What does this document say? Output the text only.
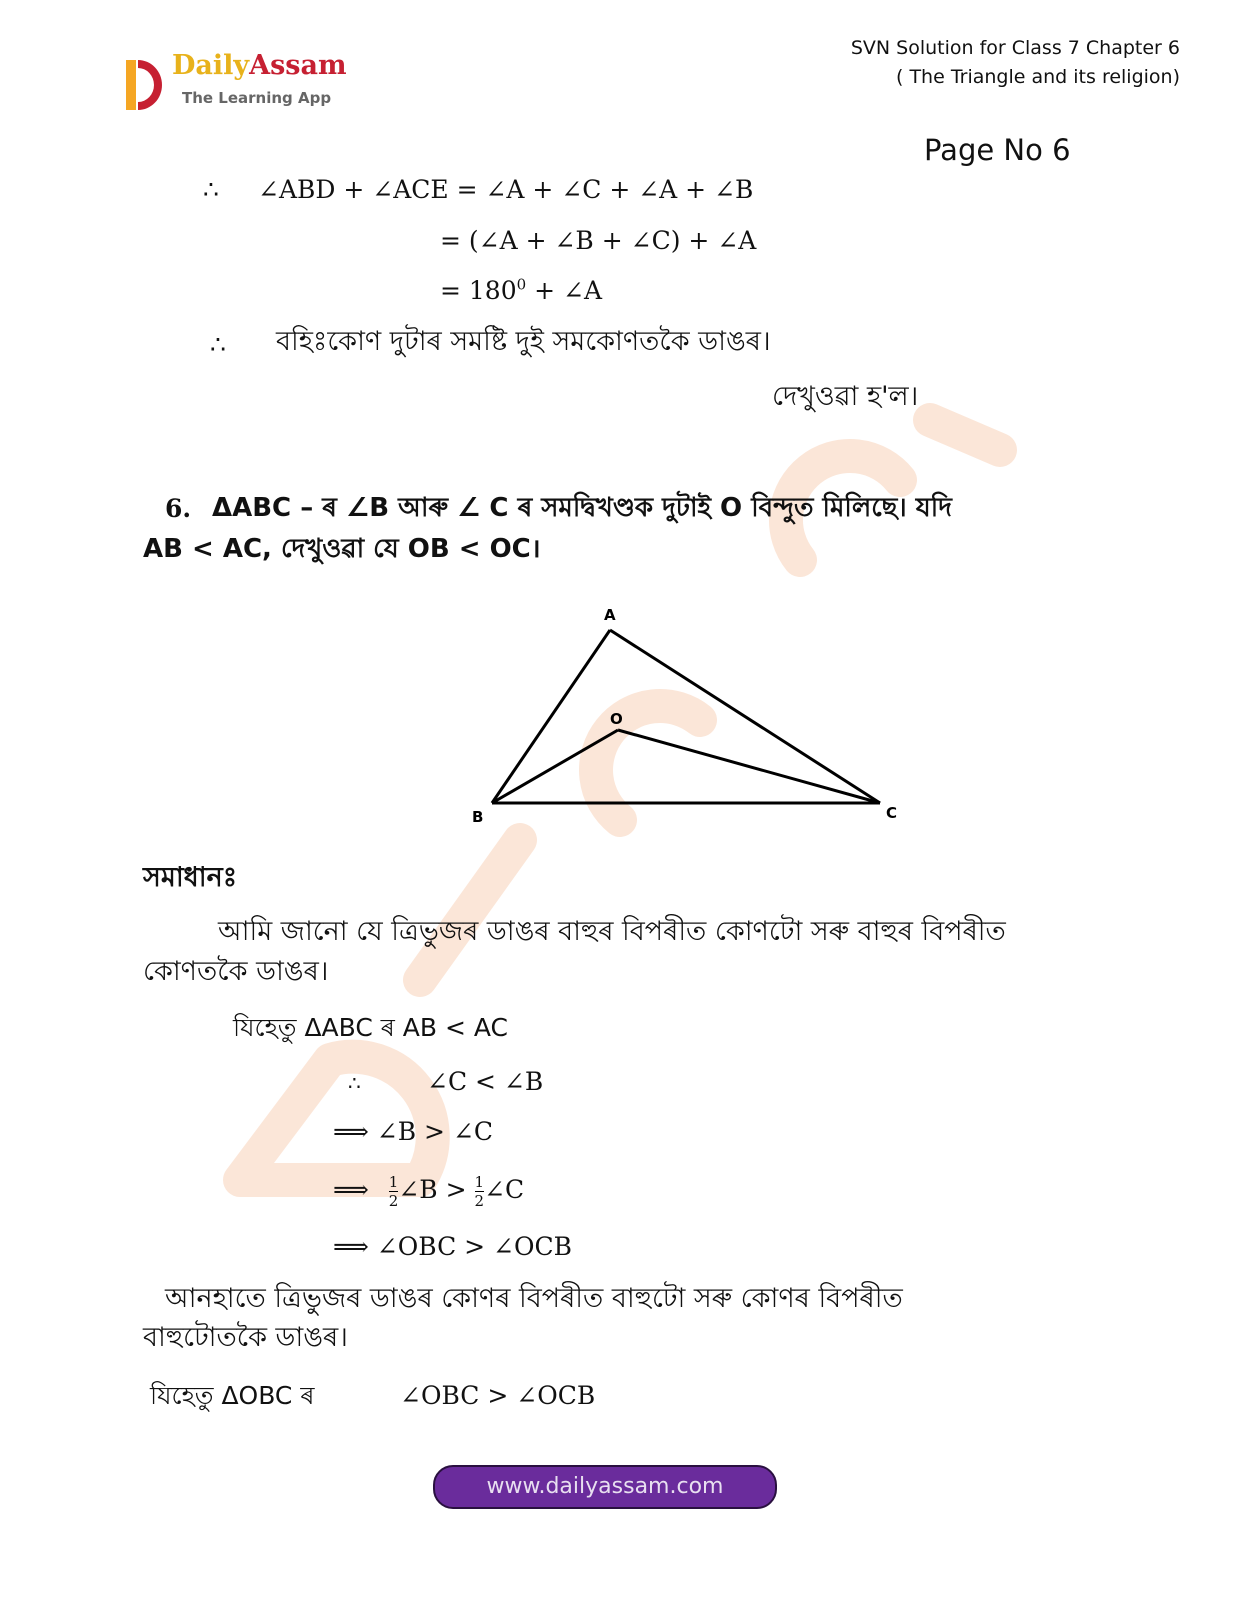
DailyAssam
The Learning App
SVN Solution for Class 7 Chapter 6
( The Triangle and its religion)
Page No 6
∴ ∠ABD + ∠ACE = ∠A + ∠C + ∠A + ∠B
= (∠A + ∠B + ∠C) + ∠A
= $180^0$ + ∠A
∴ বহিঃকোণ দুটাৰ সমষ্টি দুই সমকোণতকৈ ডাঙৰ।
দেখুওৱা হ'ল।
6. ΔABC – ৰ ∠B আৰু ∠ C ৰ সমদ্বিখণ্ডক দুটাই O বিন্দুত মিলিছে। যদি
AB < AC, দেখুওৱা যে OB < OC।
A
O
B	C
সমাধানঃ
আমি জানো যে ত্ৰিভুজৰ ডাঙৰ বাহুৰ বিপৰীত কোণটো সৰু বাহুৰ বিপৰীত
কোণতকৈ ডাঙৰ।
যিহেতু ΔABC ৰ AB < AC
∴	∠C < ∠B
⟹ ∠B > ∠C
⟹ $\frac{1}{2}$ ∠B > $\frac{1}{2}$ ∠C
⟹ ∠OBC > ∠OCB
আনহাতে ত্ৰিভুজৰ ডাঙৰ কোণৰ বিপৰীত বাহুটো সৰু কোণৰ বিপৰীত
বাহুটোতকৈ ডাঙৰ।
যিহেতু ΔOBC ৰ	∠OBC > ∠OCB
www.dailyassam.com
